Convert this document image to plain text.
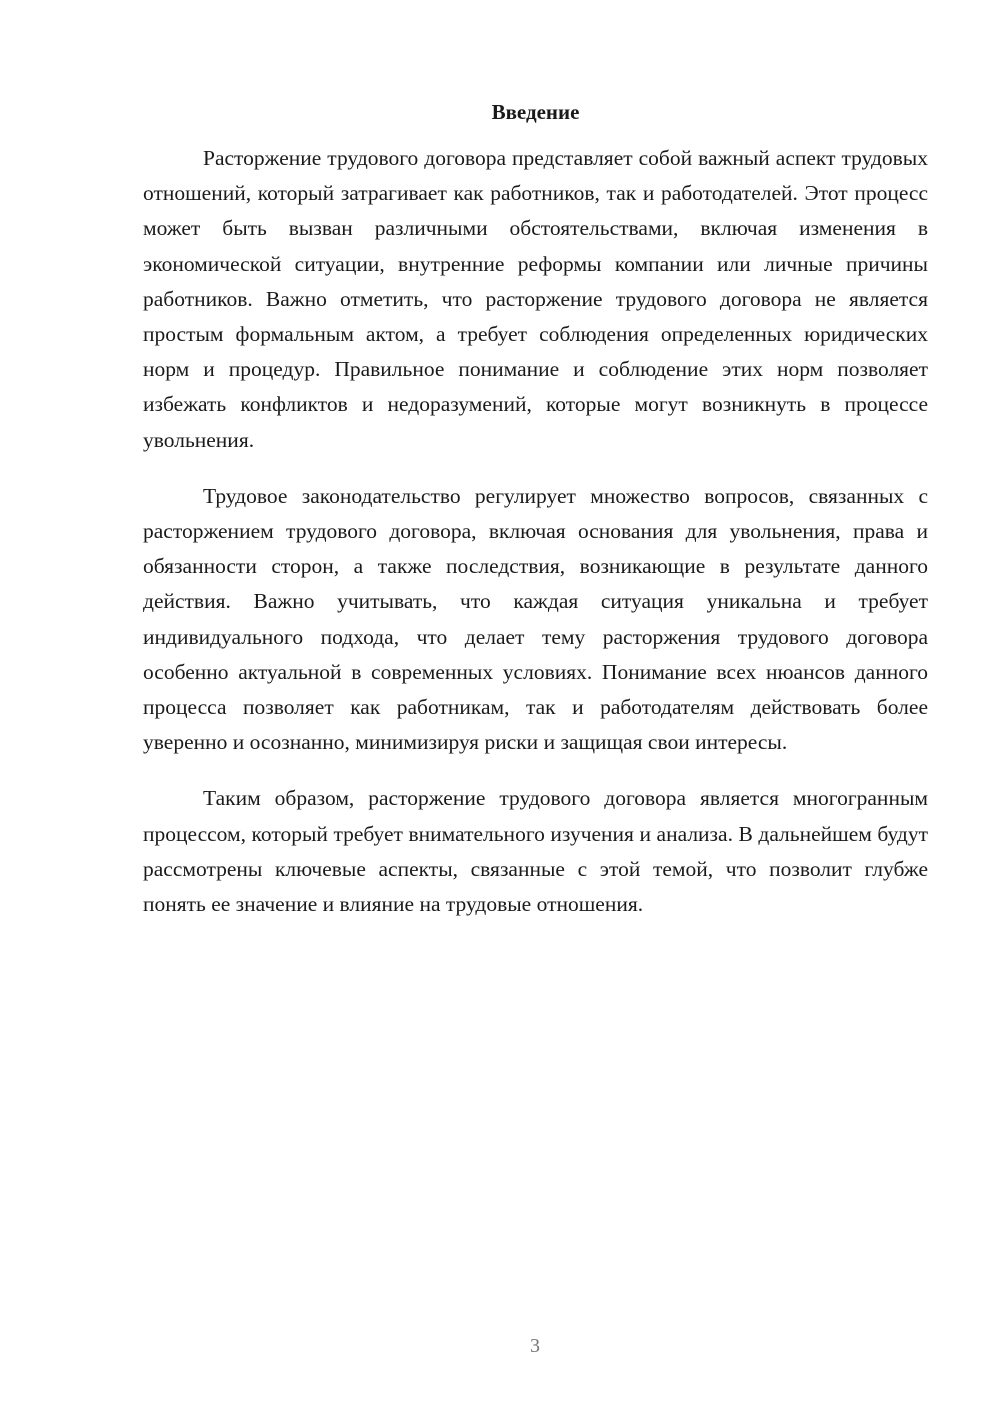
Введение

Расторжение трудового договора представляет собой важный аспект трудовых отношений, который затрагивает как работников, так и работодателей. Этот процесс может быть вызван различными обстоятельствами, включая изменения в экономической ситуации, внутренние реформы компании или личные причины работников. Важно отметить, что расторжение трудового договора не является простым формальным актом, а требует соблюдения определенных юридических норм и процедур. Правильное понимание и соблюдение этих норм позволяет избежать конфликтов и недоразумений, которые могут возникнуть в процессе увольнения.

Трудовое законодательство регулирует множество вопросов, связанных с расторжением трудового договора, включая основания для увольнения, права и обязанности сторон, а также последствия, возникающие в результате данного действия. Важно учитывать, что каждая ситуация уникальна и требует индивидуального подхода, что делает тему расторжения трудового договора особенно актуальной в современных условиях. Понимание всех нюансов данного процесса позволяет как работникам, так и работодателям действовать более уверенно и осознанно, минимизируя риски и защищая свои интересы.

Таким образом, расторжение трудового договора является многогранным процессом, который требует внимательного изучения и анализа. В дальнейшем будут рассмотрены ключевые аспекты, связанные с этой темой, что позволит глубже понять ее значение и влияние на трудовые отношения.

3
